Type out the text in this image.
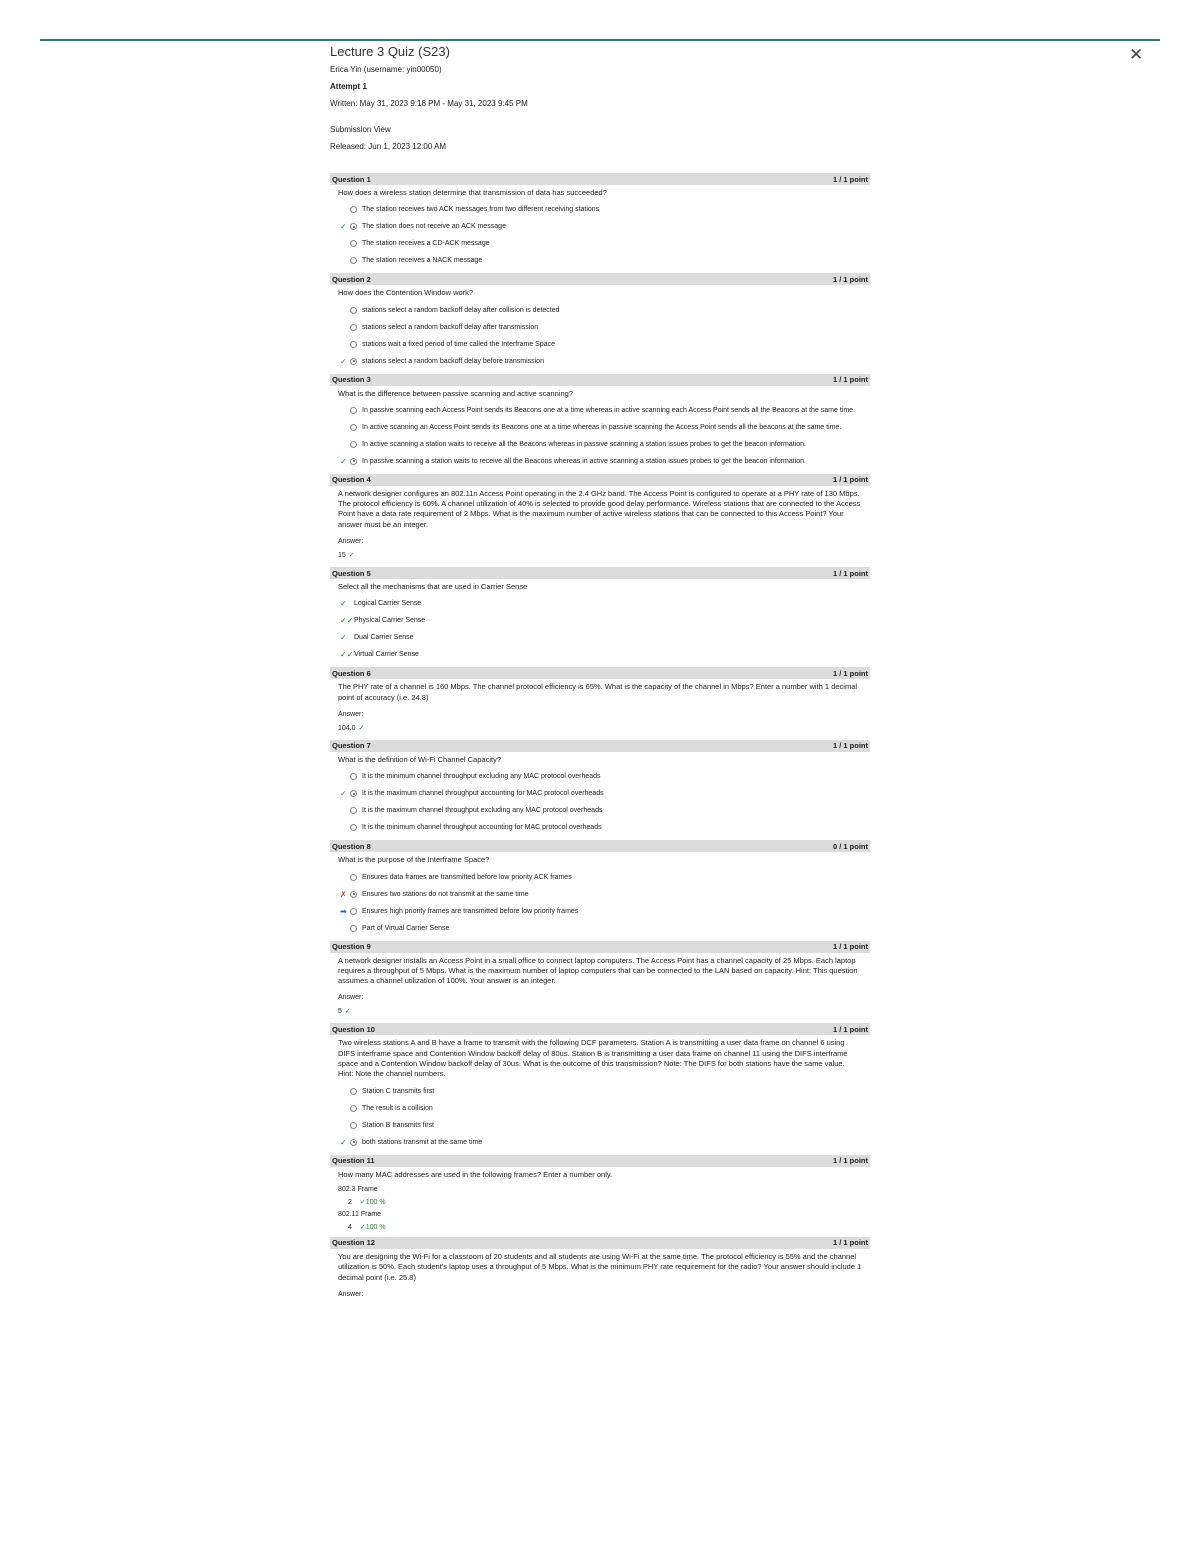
✕
Lecture 3 Quiz (S23)
Erica Yin (username: yin00050)
Attempt 1
Written: May 31, 2023 9:18 PM - May 31, 2023 9:45 PM
Submission View
Released: Jun 1, 2023 12:00 AM
Question 1	1 / 1 point
How does a wireless station determine that transmission of data has succeeded?
The station receives two ACK messages from two different receiving stations
✓	The station does not receive an ACK message
The station receives a CD-ACK message
The station receives a NACK message
Question 2	1 / 1 point
How does the Contention Window work?
stations select a random backoff delay after collision is detected
stations select a random backoff delay after transmission
stations wait a fixed period of time called the Interframe Space
✓	stations select a random backoff delay before transmission
Question 3	1 / 1 point
What is the difference between passive scanning and active scanning?
In passive scanning each Access Point sends its Beacons one at a time whereas in active scanning each Access Point sends all the Beacons at the same time.
In active scanning an Access Point sends its Beacons one at a time whereas in passive scanning the Access Point sends all the beacons at the same time.
In active scanning a station waits to receive all the Beacons whereas in passive scanning a station issues probes to get the beacon information.
✓	In passive scanning a station waits to receive all the Beacons whereas in active scanning a station issues probes to get the beacon information.
Question 4	1 / 1 point
A network designer configures an 802.11n Access Point operating in the 2.4 GHz band. The Access Point is configured to operate at a PHY rate of 130 Mbps. The protocol efficiency is 60%. A channel utilization of 40% is selected to provide good delay performance. Wireless stations that are connected to the Access Point have a data rate requirement of 2 Mbps. What is the maximum number of active wireless stations that can be connected to this Access Point? Your answer must be an integer.
Answer:
15 ✓
Question 5	1 / 1 point
Select all the mechanisms that are used in Carrier Sense
✓	Logical Carrier Sense
✓✓ Physical Carrier Sense
✓	Dual Carrier Sense
✓✓ Virtual Carrier Sense
Question 6	1 / 1 point
The PHY rate of a channel is 160 Mbps. The channel protocol efficiency is 65%. What is the capacity of the channel in Mbps? Enter a number with 1 decimal point of accuracy (i.e. 24.8)
Answer:
104.0 ✓
Question 7	1 / 1 point
What is the definition of Wi-Fi Channel Capacity?
It is the minimum channel throughput excluding any MAC protocol overheads
✓	It is the maximum channel throughput accounting for MAC protocol overheads
It is the maximum channel throughput excluding any MAC protocol overheads
It is the minimum channel throughput accounting for MAC protocol overheads
Question 8	0 / 1 point
What is the purpose of the Interframe Space?
Ensures data frames are transmitted before low priority ACK frames
✗	Ensures two stations do not transmit at the same time
➡	Ensures high priority frames are transmitted before low priority frames
Part of Virtual Carrier Sense
Question 9	1 / 1 point
A network designer installs an Access Point in a small office to connect laptop computers. The Access Point has a channel capacity of 25 Mbps. Each laptop requires a throughput of 5 Mbps. What is the maximum number of laptop computers that can be connected to the LAN based on capacity. Hint: This question assumes a channel utilization of 100%. Your answer is an integer.
Answer:
5 ✓
Question 10	1 / 1 point
Two wireless stations A and B have a frame to transmit with the following DCF parameters. Station A is transmitting a user data frame on channel 6 using DIFS interframe space and Contention Window backoff delay of 80us. Station B is transmitting a user data frame on channel 11 using the DIFS interframe space and a Contention Window backoff delay of 30us. What is the outcome of this transmission? Note: The DIFS for both stations have the same value. Hint: Note the channel numbers.
Station C transmits first
The result is a collision
Station B transmits first
✓	both stations transmit at the same time
Question 11	1 / 1 point
How many MAC addresses are used in the following frames? Enter a number only.
802.3 Frame
2 ✓100 %
802.11 Frame
4 ✓100 %
Question 12	1 / 1 point
You are designing the Wi-Fi for a classroom of 20 students and all students are using Wi-Fi at the same time. The protocol efficiency is 55% and the channel utilization is 50%. Each student's laptop uses a throughput of 5 Mbps. What is the minimum PHY rate requirement for the radio? Your answer should include 1 decimal point (i.e. 25.8)
Answer:
